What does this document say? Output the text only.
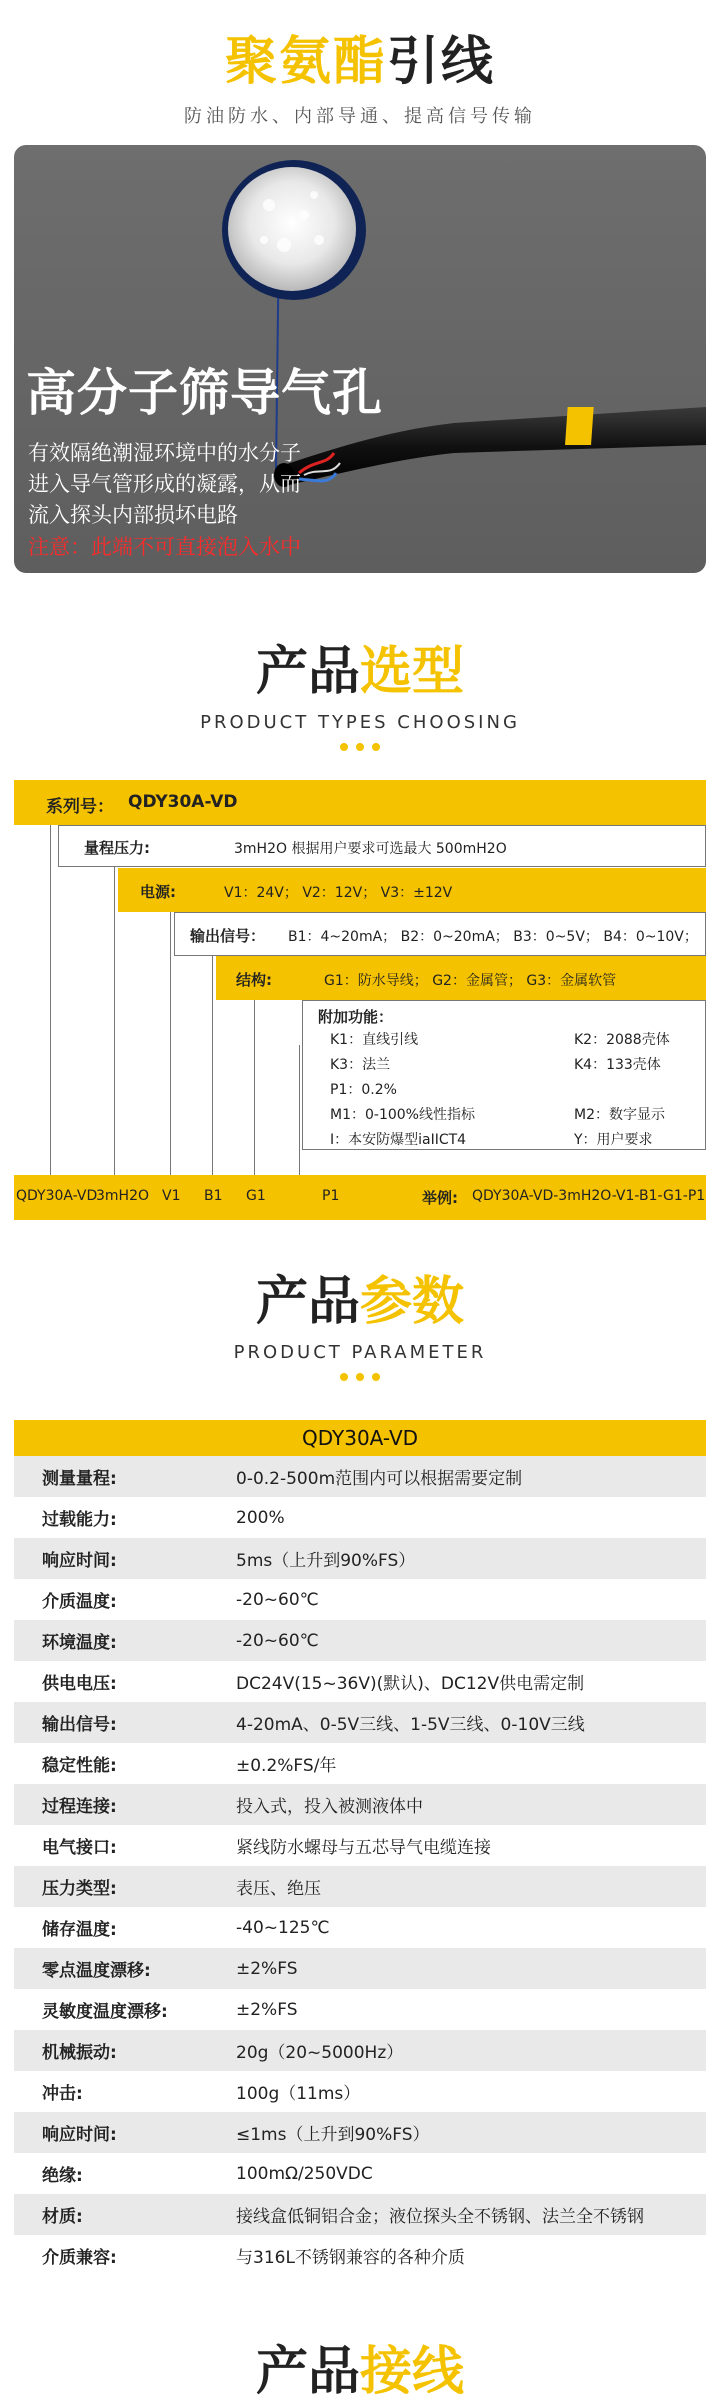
聚氨酯引线
防油防水、内部导通、提高信号传输
高分子筛导气孔
有效隔绝潮湿环境中的水分子
进入导气管形成的凝露，从而
流入探头内部损坏电路
注意：此端不可直接泡入水中
产品选型
PRODUCT TYPES CHOOSING
系列号： QDY30A-VD
量程压力:	3mH2O 根据用户要求可选最大 500mH2O
电源:	V1：24V； V2：12V； V3：±12V
输出信号： B1：4~20mA； B2：0~20mA； B3：0~5V； B4：0~10V；
结构:	G1：防水导线； G2：金属管； G3：金属软管
附加功能：
K1：直线引线	K2：2088壳体
K3：法兰	K4：133壳体
P1：0.2%
M1：0-100%线性指标	M2：数字显示
I：本安防爆型iaIICT4	Y：用户要求
QDY30A-VD
3mH2O V1 B1 G1	P1	举例: QDY30A-VD-3mH2O-V1-B1-G1-P1
产品参数
PRODUCT PARAMETER
QDY30A-VD
测量量程:	0-0.2-500m范围内可以根据需要定制
过载能力:	200%
响应时间:	5ms（上升到90%FS）
介质温度:	-20~60℃
环境温度:	-20~60℃
供电电压:	DC24V(15~36V)(默认)、DC12V供电需定制
输出信号:	4-20mA、0-5V三线、1-5V三线、0-10V三线
稳定性能:	±0.2%FS/年
过程连接:	投入式，投入被测液体中
电气接口:	紧线防水螺母与五芯导气电缆连接
压力类型:	表压、绝压
储存温度:	-40~125℃
零点温度漂移:	±2%FS
灵敏度温度漂移:	±2%FS
机械振动:	20g（20~5000Hz）
冲击:	100g（11ms）
响应时间:	≤1ms（上升到90%FS）
绝缘:	100mΩ/250VDC
材质:	接线盒低铜铝合金；液位探头全不锈钢、法兰全不锈钢
介质兼容:	与316L不锈钢兼容的各种介质
产品接线
